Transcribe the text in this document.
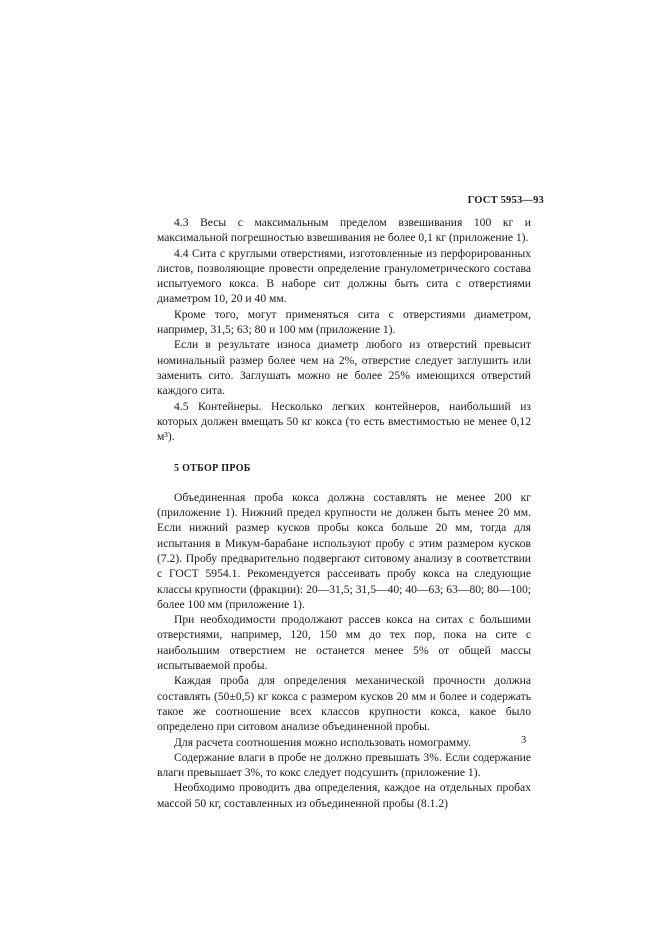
ГОСТ 5953—93

4.3 Весы с максимальным пределом взвешивания 100 кг и максимальной погрешностью взвешивания не более 0,1 кг (приложение 1).

4.4 Сита с круглыми отверстиями, изготовленные из перфорированных листов, позволяющие провести определение гранулометрического состава испытуемого кокса. В наборе сит должны быть сита с отверстиями диаметром 10, 20 и 40 мм.

Кроме того, могут применяться сита с отверстиями диаметром, например, 31,5; 63; 80 и 100 мм (приложение 1).

Если в результате износа диаметр любого из отверстий превысит номинальный размер более чем на 2%, отверстие следует заглушить или заменить сито. Заглушать можно не более 25% имеющихся отверстий каждого сита.

4.5 Контейнеры. Несколько легких контейнеров, наибольший из которых должен вмещать 50 кг кокса (то есть вместимостью не менее 0,12 м³).

5 ОТБОР ПРОБ

Объединенная проба кокса должна составлять не менее 200 кг (приложение 1). Нижний предел крупности не должен быть менее 20 мм. Если нижний размер кусков пробы кокса больше 20 мм, тогда для испытания в Микум-барабане используют пробу с этим размером кусков (7.2). Пробу предварительно подвергают ситовому анализу в соответствии с ГОСТ 5954.1. Рекомендуется рассеивать пробу кокса на следующие классы крупности (фракции): 20—31,5; 31,5—40; 40—63; 63—80; 80—100; более 100 мм (приложение 1).

При необходимости продолжают рассев кокса на ситах с большими отверстиями, например, 120, 150 мм до тех пор, пока на сите с наибольшим отверстием не останется менее 5% от общей массы испытываемой пробы.

Каждая проба для определения механической прочности должна составлять (50±0,5) кг кокса с размером кусков 20 мм и более и содержать такое же соотношение всех классов крупности кокса, какое было определено при ситовом анализе объединенной пробы.

Для расчета соотношения можно использовать номограмму.

Содержание влаги в пробе не должно превышать 3%. Если содержание влаги превышает 3%, то кокс следует подсушить (приложение 1).

Необходимо проводить два определения, каждое на отдельных пробах массой 50 кг, составленных из объединенной пробы (8.1.2)

3
